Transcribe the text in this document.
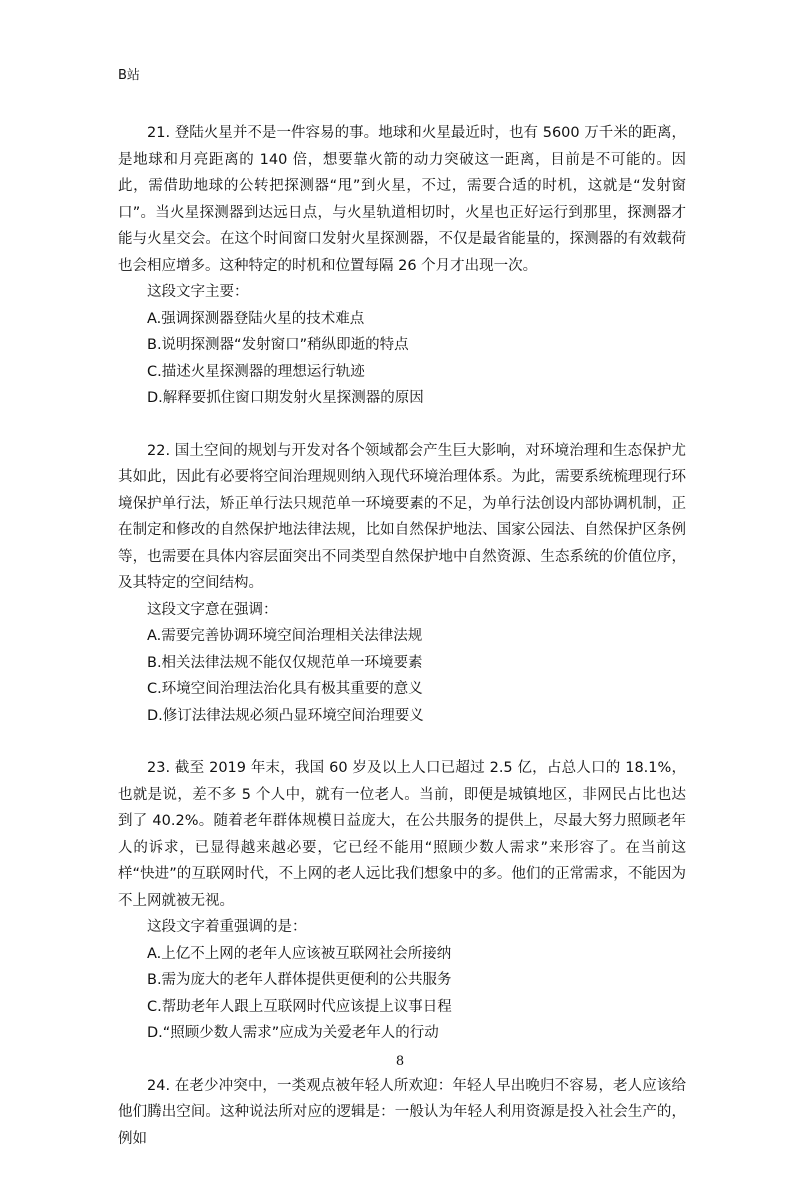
B站

21. 登陆火星并不是一件容易的事。地球和火星最近时，也有 5600 万千米的距离，是地球和月亮距离的 140 倍，想要靠火箭的动力突破这一距离，目前是不可能的。因此，需借助地球的公转把探测器“甩”到火星，不过，需要合适的时机，这就是“发射窗口”。当火星探测器到达远日点，与火星轨道相切时，火星也正好运行到那里，探测器才能与火星交会。在这个时间窗口发射火星探测器，不仅是最省能量的，探测器的有效载荷也会相应增多。这种特定的时机和位置每隔 26 个月才出现一次。

这段文字主要：

A.强调探测器登陆火星的技术难点

B.说明探测器“发射窗口”稍纵即逝的特点

C.描述火星探测器的理想运行轨迹

D.解释要抓住窗口期发射火星探测器的原因

22. 国土空间的规划与开发对各个领域都会产生巨大影响，对环境治理和生态保护尤其如此，因此有必要将空间治理规则纳入现代环境治理体系。为此，需要系统梳理现行环境保护单行法，矫正单行法只规范单一环境要素的不足，为单行法创设内部协调机制，正在制定和修改的自然保护地法律法规，比如自然保护地法、国家公园法、自然保护区条例等，也需要在具体内容层面突出不同类型自然保护地中自然资源、生态系统的价值位序，及其特定的空间结构。

这段文字意在强调：

A.需要完善协调环境空间治理相关法律法规

B.相关法律法规不能仅仅规范单一环境要素

C.环境空间治理法治化具有极其重要的意义

D.修订法律法规必须凸显环境空间治理要义

23. 截至 2019 年末，我国 60 岁及以上人口已超过 2.5 亿，占总人口的 18.1%，也就是说，差不多 5 个人中，就有一位老人。当前，即便是城镇地区，非网民占比也达到了 40.2%。随着老年群体规模日益庞大，在公共服务的提供上，尽最大努力照顾老年人的诉求，已显得越来越必要，它已经不能用“照顾少数人需求”来形容了。在当前这样“快进”的互联网时代，不上网的老人远比我们想象中的多。他们的正常需求，不能因为不上网就被无视。

这段文字着重强调的是：

A.上亿不上网的老年人应该被互联网社会所接纳

B.需为庞大的老年人群体提供更便利的公共服务

C.帮助老年人跟上互联网时代应该提上议事日程

D.“照顾少数人需求”应成为关爱老年人的行动

24. 在老少冲突中，一类观点被年轻人所欢迎：年轻人早出晚归不容易，老人应该给他们腾出空间。这种说法所对应的逻辑是：一般认为年轻人利用资源是投入社会生产的，例如

8
